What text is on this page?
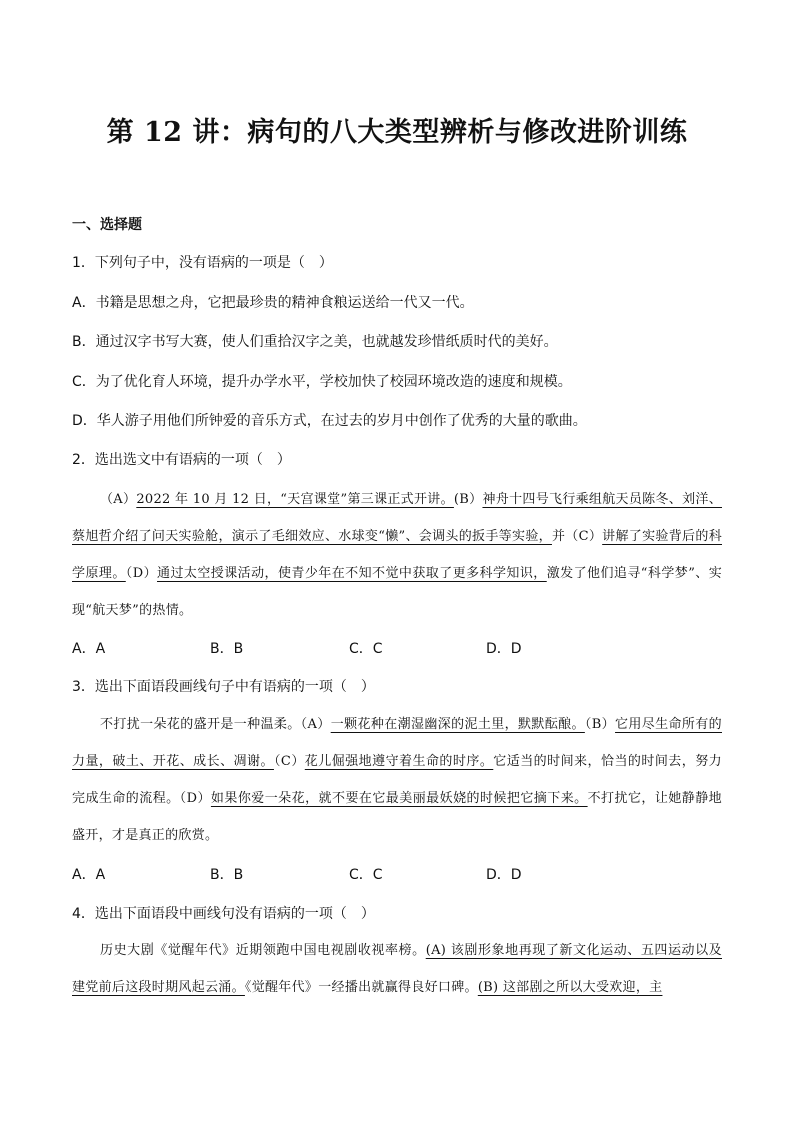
第 12 讲：病句的八大类型辨析与修改进阶训练
一、选择题
1．下列句子中，没有语病的一项是（　）
A．书籍是思想之舟，它把最珍贵的精神食粮运送给一代又一代。
B．通过汉字书写大赛，使人们重拾汉字之美，也就越发珍惜纸质时代的美好。
C．为了优化育人环境，提升办学水平，学校加快了校园环境改造的速度和规模。
D．华人游子用他们所钟爱的音乐方式，在过去的岁月中创作了优秀的大量的歌曲。
2．选出选文中有语病的一项（　）
（A）2022 年 10 月 12 日，“天宫课堂”第三课正式开讲。(B）神舟十四号飞行乘组航天员陈冬、刘洋、蔡旭哲介绍了问天实验舱，演示了毛细效应、水球变“懒”、会调头的扳手等实验，并（C）讲解了实验背后的科学原理。（D）通过太空授课活动，使青少年在不知不觉中获取了更多科学知识，激发了他们追寻“科学梦”、实现“航天梦”的热情。
A．A	B．B	C．C	D．D
3．选出下面语段画线句子中有语病的一项（　）
不打扰一朵花的盛开是一种温柔。（A）一颗花种在潮湿幽深的泥土里，默默酝酿。（B）它用尽生命所有的力量，破土、开花、成长、凋谢。（C）花儿倔强地遵守着生命的时序。它适当的时间来，恰当的时间去，努力完成生命的流程。（D）如果你爱一朵花，就不要在它最美丽最妖娆的时候把它摘下来。不打扰它，让她静静地盛开，才是真正的欣赏。
A．A	B．B	C．C	D．D
4．选出下面语段中画线句没有语病的一项（　）
历史大剧《觉醒年代》近期领跑中国电视剧收视率榜。(A) 该剧形象地再现了新文化运动、五四运动以及建党前后这段时期风起云涌。《觉醒年代》一经播出就赢得良好口碑。(B) 这部剧之所以大受欢迎，主
